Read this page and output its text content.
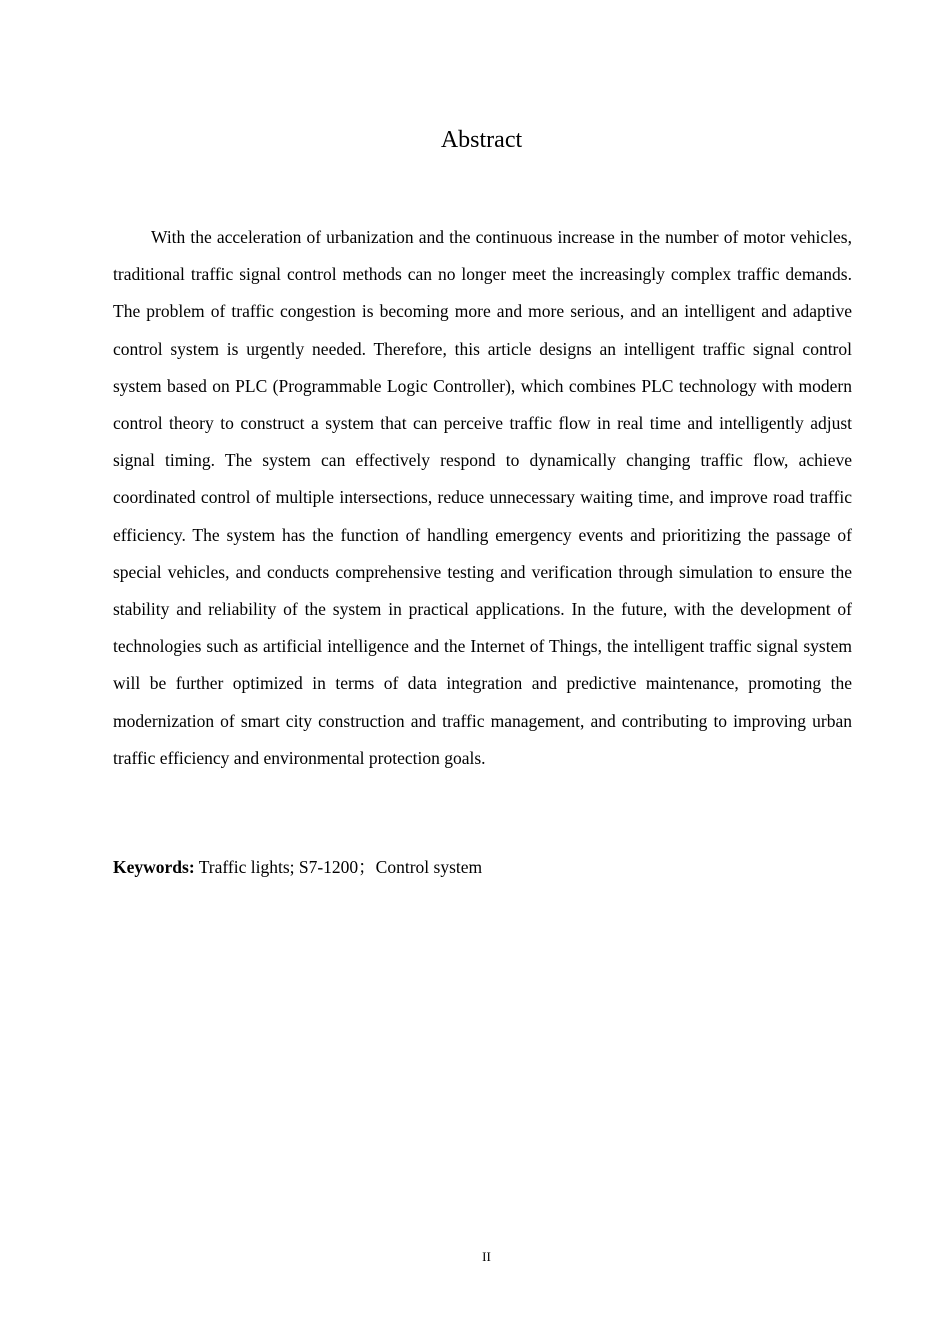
Abstract

With the acceleration of urbanization and the continuous increase in the number of motor vehicles, traditional traffic signal control methods can no longer meet the increasingly complex traffic demands. The problem of traffic congestion is becoming more and more serious, and an intelligent and adaptive control system is urgently needed. Therefore, this article designs an intelligent traffic signal control system based on PLC (Programmable Logic Controller), which combines PLC technology with modern control theory to construct a system that can perceive traffic flow in real time and intelligently adjust signal timing. The system can effectively respond to dynamically changing traffic flow, achieve coordinated control of multiple intersections, reduce unnecessary waiting time, and improve road traffic efficiency. The system has the function of handling emergency events and prioritizing the passage of special vehicles, and conducts comprehensive testing and verification through simulation to ensure the stability and reliability of the system in practical applications. In the future, with the development of technologies such as artificial intelligence and the Internet of Things, the intelligent traffic signal system will be further optimized in terms of data integration and predictive maintenance, promoting the modernization of smart city construction and traffic management, and contributing to improving urban traffic efficiency and environmental protection goals.

Keywords: Traffic lights; S7-1200；Control system

II
